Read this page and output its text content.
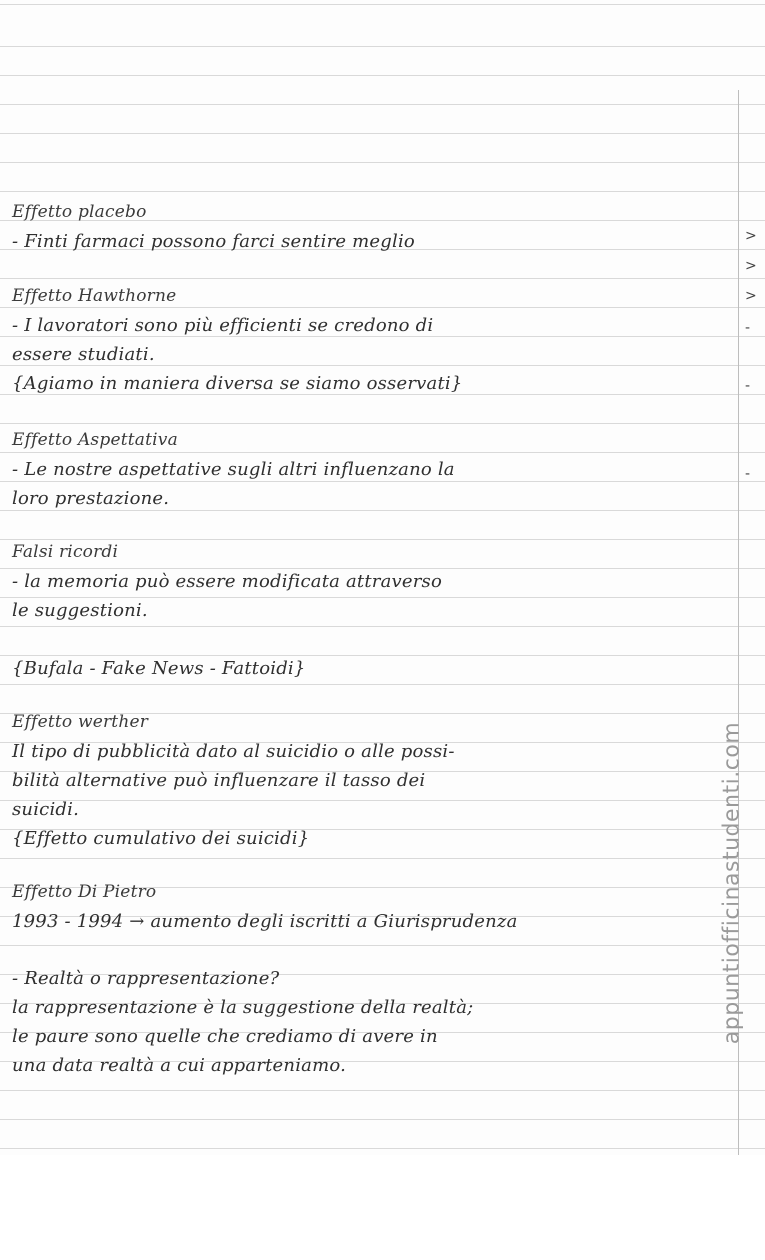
>
>
>
-
-
-
Effetto placebo
- Finti farmaci possono farci sentire meglio
Effetto Hawthorne
- I lavoratori sono più efficienti se credono di
essere studiati.
{Agiamo in maniera diversa se siamo osservati}
Effetto Aspettativa
- Le nostre aspettative sugli altri influenzano la
loro prestazione.
Falsi ricordi
- la memoria può essere modificata attraverso
le suggestioni.
{Bufala - Fake News - Fattoidi}
Effetto werther
Il tipo di pubblicità dato al suicidio o alle possi-
bilità alternative può influenzare il tasso dei
suicidi.
{Effetto cumulativo dei suicidi}
Effetto Di Pietro
1993 - 1994 → aumento degli iscritti a Giurisprudenza
- Realtà o rappresentazione?
la rappresentazione è la suggestione della realtà;
le paure sono quelle che crediamo di avere in
una data realtà a cui apparteniamo.
appuntiofficinastudenti.com
